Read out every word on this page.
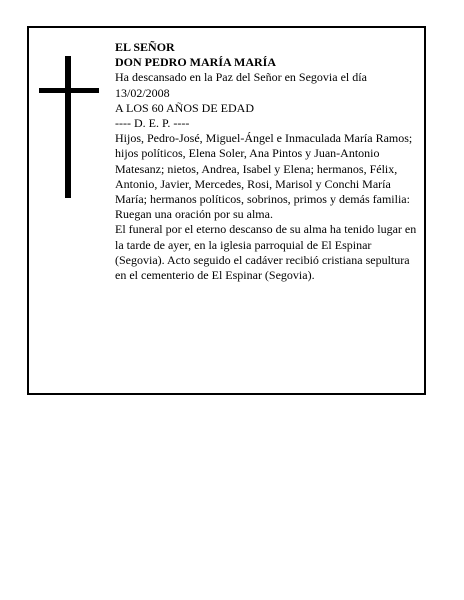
EL SEÑOR

DON PEDRO MARÍA MARÍA

Ha descansado en la Paz del Señor en Segovia el día 13/02/2008

A LOS 60 AÑOS DE EDAD

---- D. E. P. ----

Hijos, Pedro-José, Miguel-Ángel e Inmaculada María Ramos; hijos políticos, Elena Soler, Ana Pintos y Juan-Antonio Matesanz; nietos, Andrea, Isabel y Elena; hermanos, Félix, Antonio, Javier, Mercedes, Rosi, Marisol y Conchi María María; hermanos políticos, sobrinos, primos y demás familia:

Ruegan una oración por su alma.

El funeral por el eterno descanso de su alma ha tenido lugar en la tarde de ayer, en la iglesia parroquial de El Espinar (Segovia). Acto seguido el cadáver recibió cristiana sepultura en el cementerio de El Espinar (Segovia).
